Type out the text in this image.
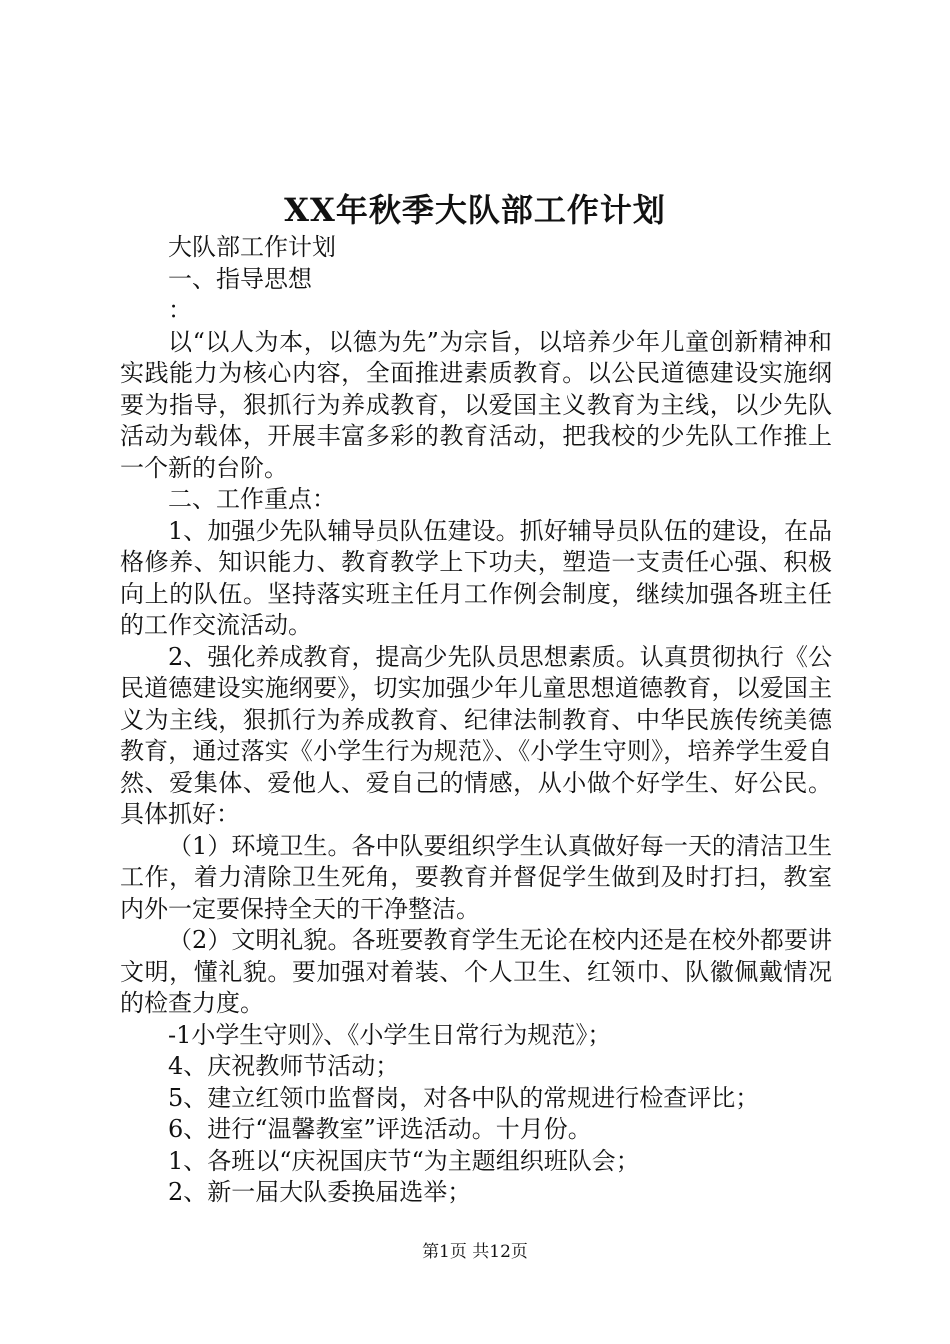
XX年秋季大队部工作计划

大队部工作计划

一、指导思想

：

以“以人为本，以德为先”为宗旨，以培养少年儿童创新精神和实践能力为核心内容，全面推进素质教育。以公民道德建设实施纲要为指导，狠抓行为养成教育，以爱国主义教育为主线，以少先队活动为载体，开展丰富多彩的教育活动，把我校的少先队工作推上一个新的台阶。

二、工作重点：

1、加强少先队辅导员队伍建设。抓好辅导员队伍的建设，在品格修养、知识能力、教育教学上下功夫，塑造一支责任心强、积极向上的队伍。坚持落实班主任月工作例会制度，继续加强各班主任的工作交流活动。

2、强化养成教育，提高少先队员思想素质。认真贯彻执行《公民道德建设实施纲要》，切实加强少年儿童思想道德教育，以爱国主义为主线，狠抓行为养成教育、纪律法制教育、中华民族传统美德教育，通过落实《小学生行为规范》、《小学生守则》，培养学生爱自然、爱集体、爱他人、爱自己的情感，从小做个好学生、好公民。具体抓好：

（1）环境卫生。各中队要组织学生认真做好每一天的清洁卫生工作，着力清除卫生死角，要教育并督促学生做到及时打扫，教室内外一定要保持全天的干净整洁。

（2）文明礼貌。各班要教育学生无论在校内还是在校外都要讲文明，懂礼貌。要加强对着装、个人卫生、红领巾、队徽佩戴情况的检查力度。

-1小学生守则》、《小学生日常行为规范》；

4、庆祝教师节活动；

5、建立红领巾监督岗，对各中队的常规进行检查评比；

6、进行“温馨教室”评选活动。十月份。

1、各班以“庆祝国庆节“为主题组织班队会；

2、新一届大队委换届选举；

第1页 共12页
